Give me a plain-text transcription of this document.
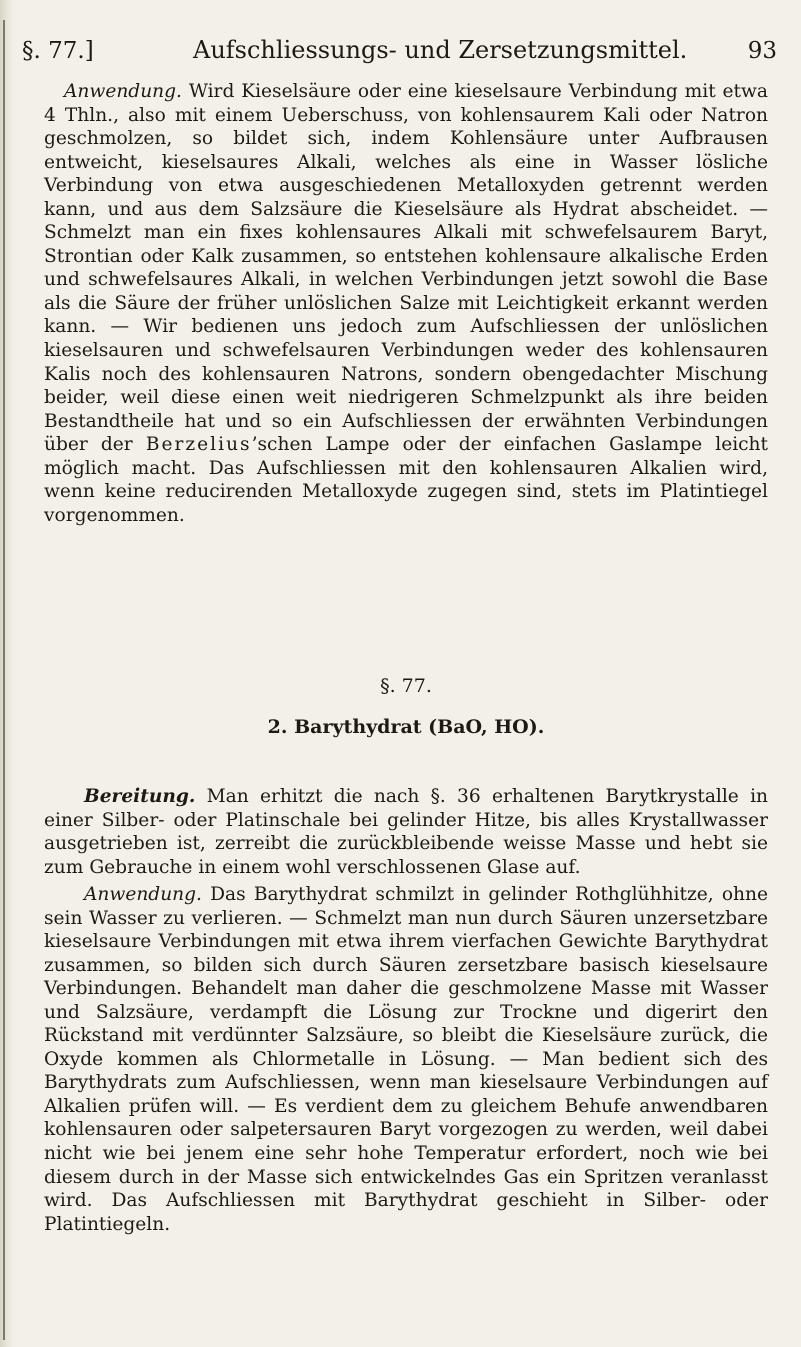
§. 77.]	Aufschliessungs- und Zersetzungsmittel.	93

Anwendung. Wird Kieselsäure oder eine kieselsaure Verbindung mit etwa 4 Thln., also mit einem Ueberschuss, von kohlensaurem Kali oder Natron geschmolzen, so bildet sich, indem Kohlensäure unter Aufbrausen entweicht, kieselsaures Alkali, welches als eine in Wasser lösliche Verbindung von etwa ausgeschiedenen Metalloxyden getrennt werden kann, und aus dem Salzsäure die Kieselsäure als Hydrat abscheidet. — Schmelzt man ein fixes kohlensaures Alkali mit schwefelsaurem Baryt, Strontian oder Kalk zusammen, so entstehen kohlensaure alkalische Erden und schwefelsaures Alkali, in welchen Verbindungen jetzt sowohl die Base als die Säure der früher unlöslichen Salze mit Leichtigkeit erkannt werden kann. — Wir bedienen uns jedoch zum Aufschliessen der unlöslichen kieselsauren und schwefelsauren Verbindungen weder des kohlensauren Kalis noch des kohlensauren Natrons, sondern obengedachter Mischung beider, weil diese einen weit niedrigeren Schmelzpunkt als ihre beiden Bestandtheile hat und so ein Aufschliessen der erwähnten Verbindungen über der Berzelius’schen Lampe oder der einfachen Gaslampe leicht möglich macht. Das Aufschliessen mit den kohlensauren Alkalien wird, wenn keine reducirenden Metalloxyde zugegen sind, stets im Platintiegel vorgenommen.

§. 77.
2. Barythydrat (BaO, HO).

Bereitung. Man erhitzt die nach §. 36 erhaltenen Barytkrystalle in einer Silber- oder Platinschale bei gelinder Hitze, bis alles Krystallwasser ausgetrieben ist, zerreibt die zurückbleibende weisse Masse und hebt sie zum Gebrauche in einem wohl verschlossenen Glase auf.

Anwendung. Das Barythydrat schmilzt in gelinder Rothglühhitze, ohne sein Wasser zu verlieren. — Schmelzt man nun durch Säuren unzersetzbare kieselsaure Verbindungen mit etwa ihrem vierfachen Gewichte Barythydrat zusammen, so bilden sich durch Säuren zersetzbare basisch kieselsaure Verbindungen. Behandelt man daher die geschmolzene Masse mit Wasser und Salzsäure, verdampft die Lösung zur Trockne und digerirt den Rückstand mit verdünnter Salzsäure, so bleibt die Kieselsäure zurück, die Oxyde kommen als Chlormetalle in Lösung. — Man bedient sich des Barythydrats zum Aufschliessen, wenn man kieselsaure Verbindungen auf Alkalien prüfen will. — Es verdient dem zu gleichem Behufe anwendbaren kohlensauren oder salpetersauren Baryt vorgezogen zu werden, weil dabei nicht wie bei jenem eine sehr hohe Temperatur erfordert, noch wie bei diesem durch in der Masse sich entwickelndes Gas ein Spritzen veranlasst wird. Das Aufschliessen mit Barythydrat geschieht in Silber- oder Platintiegeln.
